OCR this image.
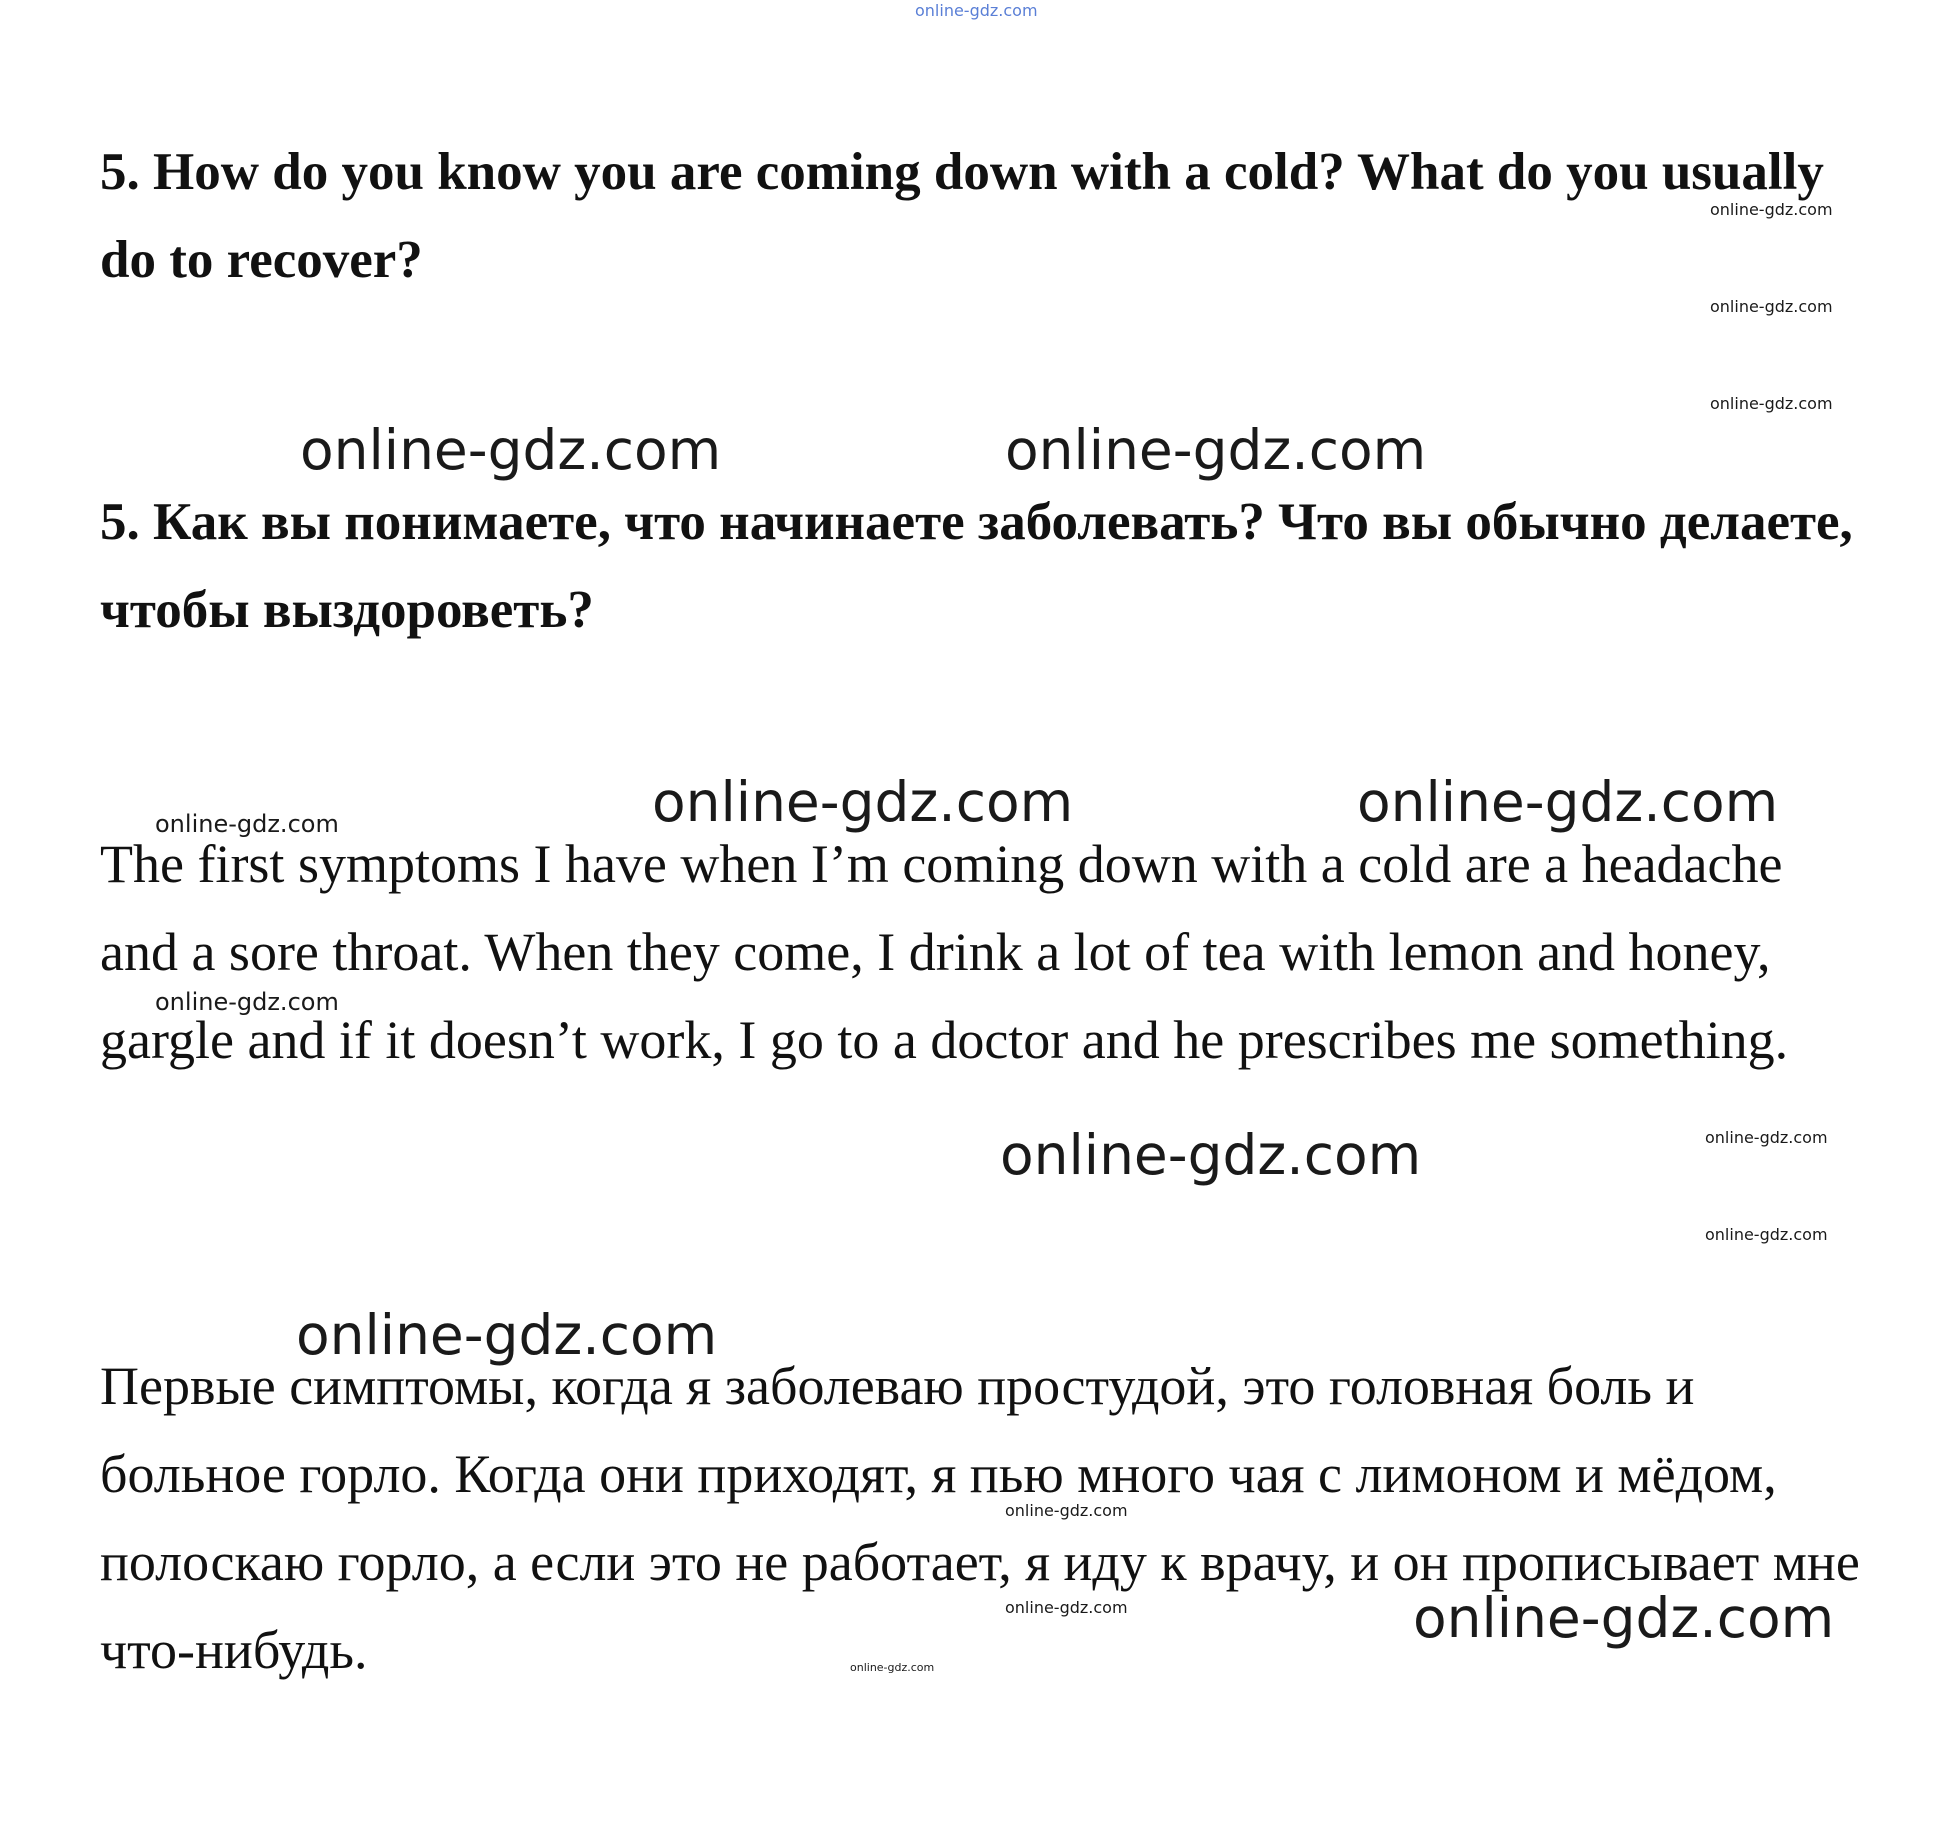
online-gdz.com

5. How do you know you are coming down with a cold? What do you usually do to recover?

online-gdz.com
online-gdz.com
online-gdz.com
online-gdz.com	online-gdz.com

5. Как вы понимаете, что начинаете заболевать? Что вы обычно делаете, чтобы выздороветь?

online-gdz.com	online-gdz.com
online-gdz.com
online-gdz.com

The first symptoms I have when I’m coming down with a cold are a headache and a sore throat. When they come, I drink a lot of tea with lemon and honey, gargle and if it doesn’t work, I go to a doctor and he prescribes me something.

online-gdz.com	online-gdz.com
online-gdz.com
online-gdz.com

Первые симптомы, когда я заболеваю простудой, это головная боль и больное горло. Когда они приходят, я пью много чая с лимоном и мёдом, полоскаю горло, а если это не работает, я иду к врачу, и он прописывает мне что-нибудь.

online-gdz.com
online-gdz.com	online-gdz.com
online-gdz.com
